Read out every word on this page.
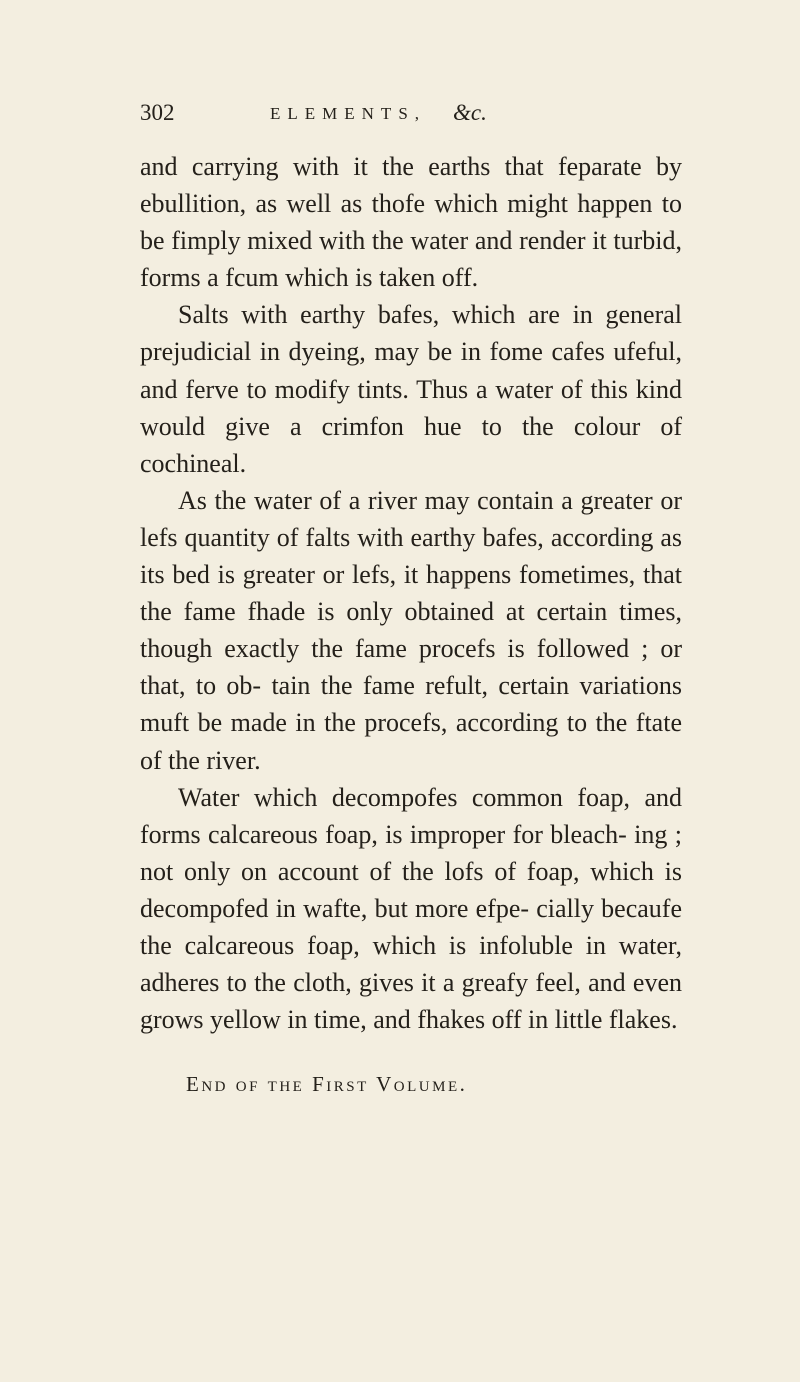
302	ELEMENTS, &c.

and carrying with it the earths that feparate by ebullition, as well as thofe which might happen to be fimply mixed with the water and render it turbid, forms a fcum which is taken off.

Salts with earthy bafes, which are in general prejudicial in dyeing, may be in fome cafes ufeful, and ferve to modify tints. Thus a water of this kind would give a crimfon hue to the colour of cochineal.

As the water of a river may contain a greater or lefs quantity of falts with earthy bafes, according as its bed is greater or lefs, it happens fometimes, that the fame fhade is only obtained at certain times, though exactly the fame procefs is followed ; or that, to ob- tain the fame refult, certain variations muft be made in the procefs, according to the ftate of the river.

Water which decompofes common foap, and forms calcareous foap, is improper for bleach- ing ; not only on account of the lofs of foap, which is decompofed in wafte, but more efpe- cially becaufe the calcareous foap, which is infoluble in water, adheres to the cloth, gives it a greafy feel, and even grows yellow in time, and fhakes off in little flakes.

End of the First Volume.
